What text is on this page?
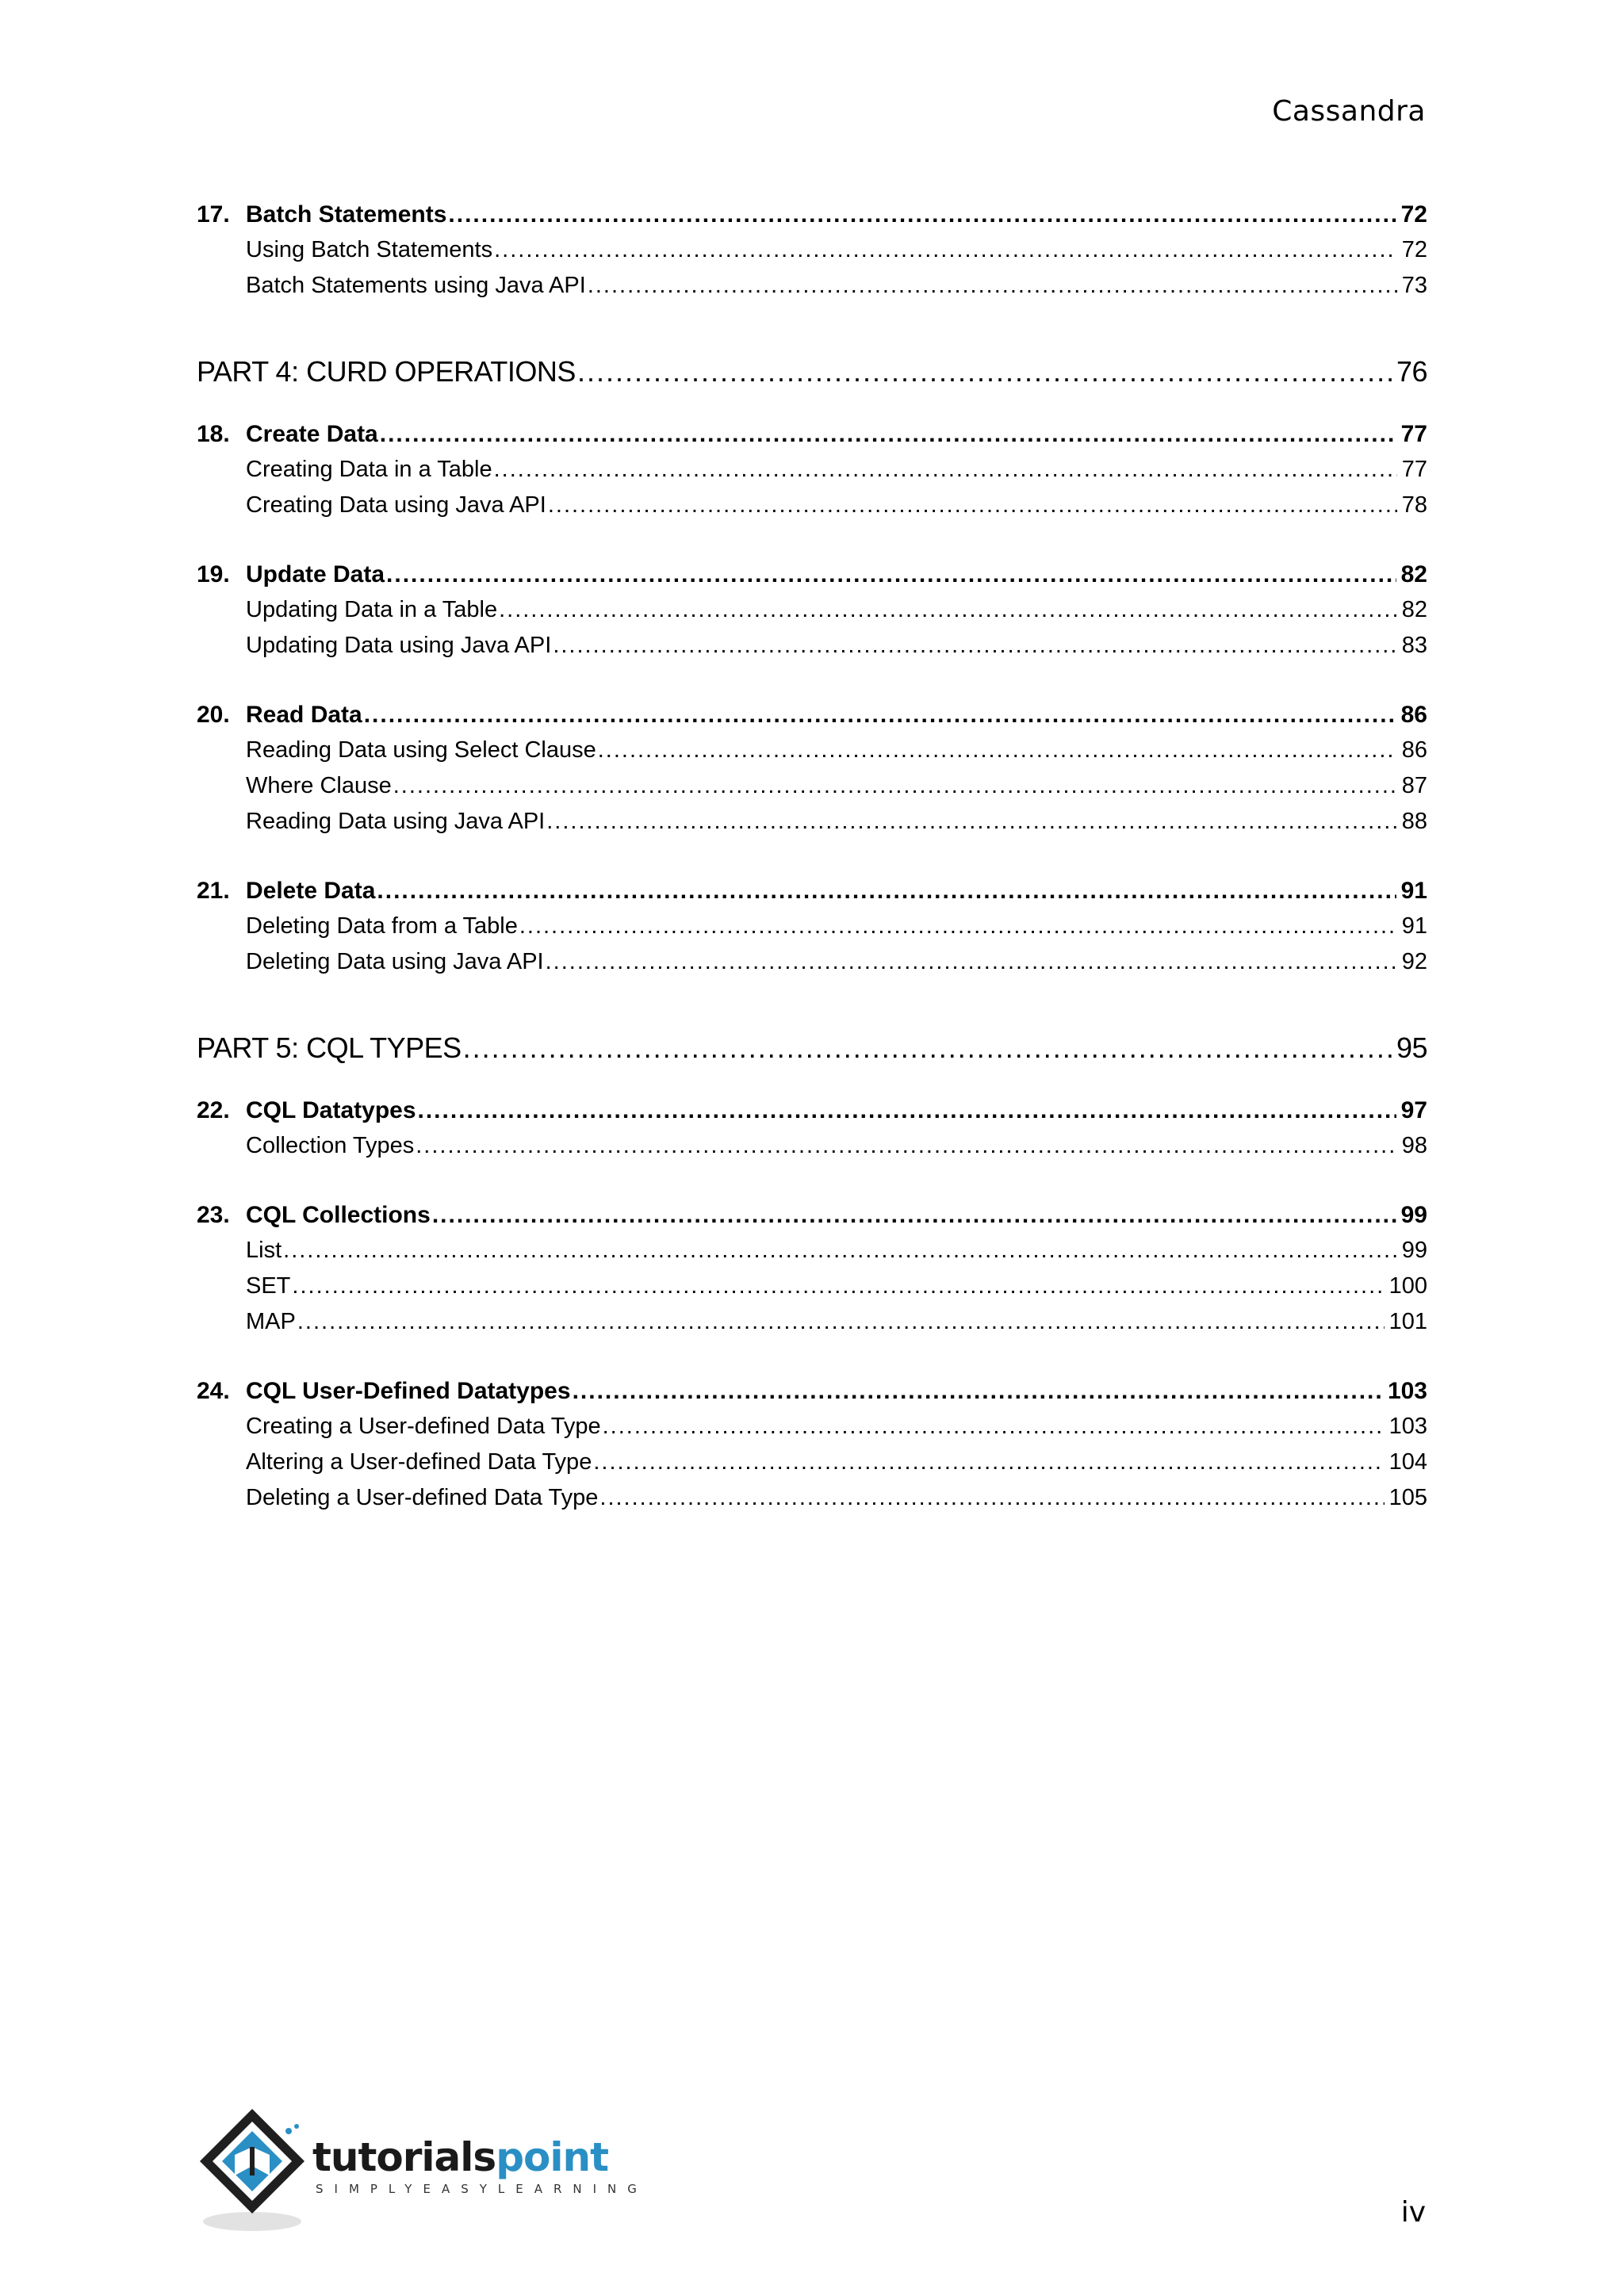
Cassandra
17. Batch Statements .....	72
Using Batch Statements .....	72
Batch Statements using Java API .....	73
PART 4: CURD OPERATIONS .....	76
18. Create Data .....	77
Creating Data in a Table .....	77
Creating Data using Java API .....	78
19. Update Data .....	82
Updating Data in a Table .....	82
Updating Data using Java API .....	83
20. Read Data .....	86
Reading Data using Select Clause .....	86
Where Clause .....	87
Reading Data using Java API .....	88
21. Delete Data .....	91
Deleting Data from a Table .....	91
Deleting Data using Java API .....	92
PART 5: CQL TYPES .....	95
22. CQL Datatypes .....	97
Collection Types .....	98
23. CQL Collections .....	99
List .....	99
SET .....	100
MAP .....	101
24. CQL User-Defined Datatypes .....	103
Creating a User-defined Data Type .....	103
Altering a User-defined Data Type .....	104
Deleting a User-defined Data Type .....	105
tutorialspoint
SIMPLYEASYLEARNING
iv
